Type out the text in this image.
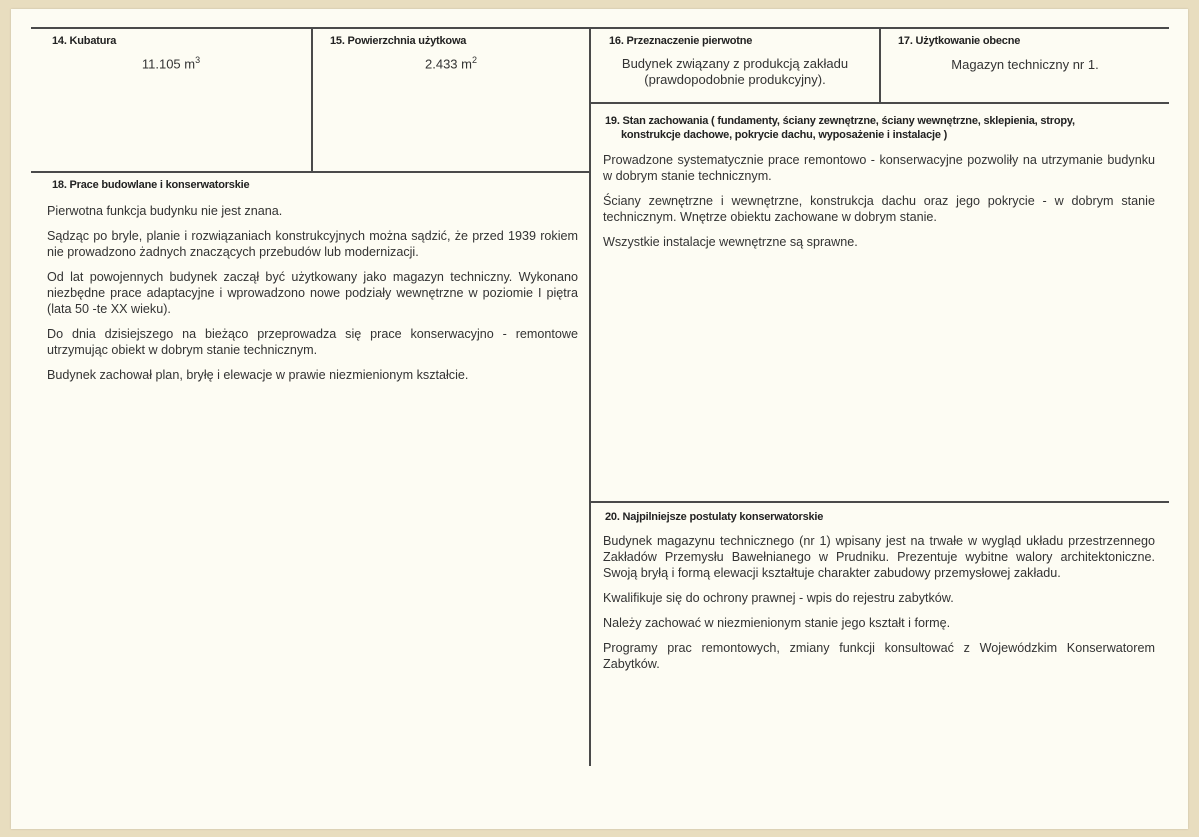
14. Kubatura
11.105 $m^3$
15. Powierzchnia użytkowa
2.433 $m^2$
16. Przeznaczenie pierwotne
Budynek związany z produkcją zakładu
(prawdopodobnie produkcyjny).
17. Użytkowanie obecne
Magazyn techniczny nr 1.
19. Stan zachowania ( fundamenty, ściany zewnętrzne, ściany wewnętrzne, sklepienia, stropy,
konstrukcje dachowe, pokrycie dachu, wyposażenie i instalacje )

Prowadzone systematycznie prace remontowo - konserwacyjne pozwoliły na utrzymanie budynku w dobrym stanie technicznym.

Ściany zewnętrzne i wewnętrzne, konstrukcja dachu oraz jego pokrycie - w dobrym stanie technicznym. Wnętrze obiektu zachowane w dobrym stanie.

Wszystkie instalacje wewnętrzne są sprawne.

18. Prace budowlane i konserwatorskie

Pierwotna funkcja budynku nie jest znana.

Sądząc po bryle, planie i rozwiązaniach konstrukcyjnych można sądzić, że przed 1939 rokiem nie prowadzono żadnych znaczących przebudów lub modernizacji.

Od lat powojennych budynek zaczął być użytkowany jako magazyn techniczny. Wykonano niezbędne prace adaptacyjne i wprowadzono nowe podziały wewnętrzne w poziomie I piętra (lata 50 -te XX wieku).

Do dnia dzisiejszego na bieżąco przeprowadza się prace konserwacyjno - remontowe utrzymując obiekt w dobrym stanie technicznym.

Budynek zachował plan, bryłę i elewacje w prawie niezmienionym kształcie.

20. Najpilniejsze postulaty konserwatorskie

Budynek magazynu technicznego (nr 1) wpisany jest na trwałe w wygląd układu przestrzennego Zakładów Przemysłu Bawełnianego w Prudniku. Prezentuje wybitne walory architektoniczne. Swoją bryłą i formą elewacji kształtuje charakter zabudowy przemysłowej zakładu.

Kwalifikuje się do ochrony prawnej - wpis do rejestru zabytków.

Należy zachować w niezmienionym stanie jego kształt i formę.

Programy prac remontowych, zmiany funkcji konsultować z Wojewódzkim Konserwatorem Zabytków.
